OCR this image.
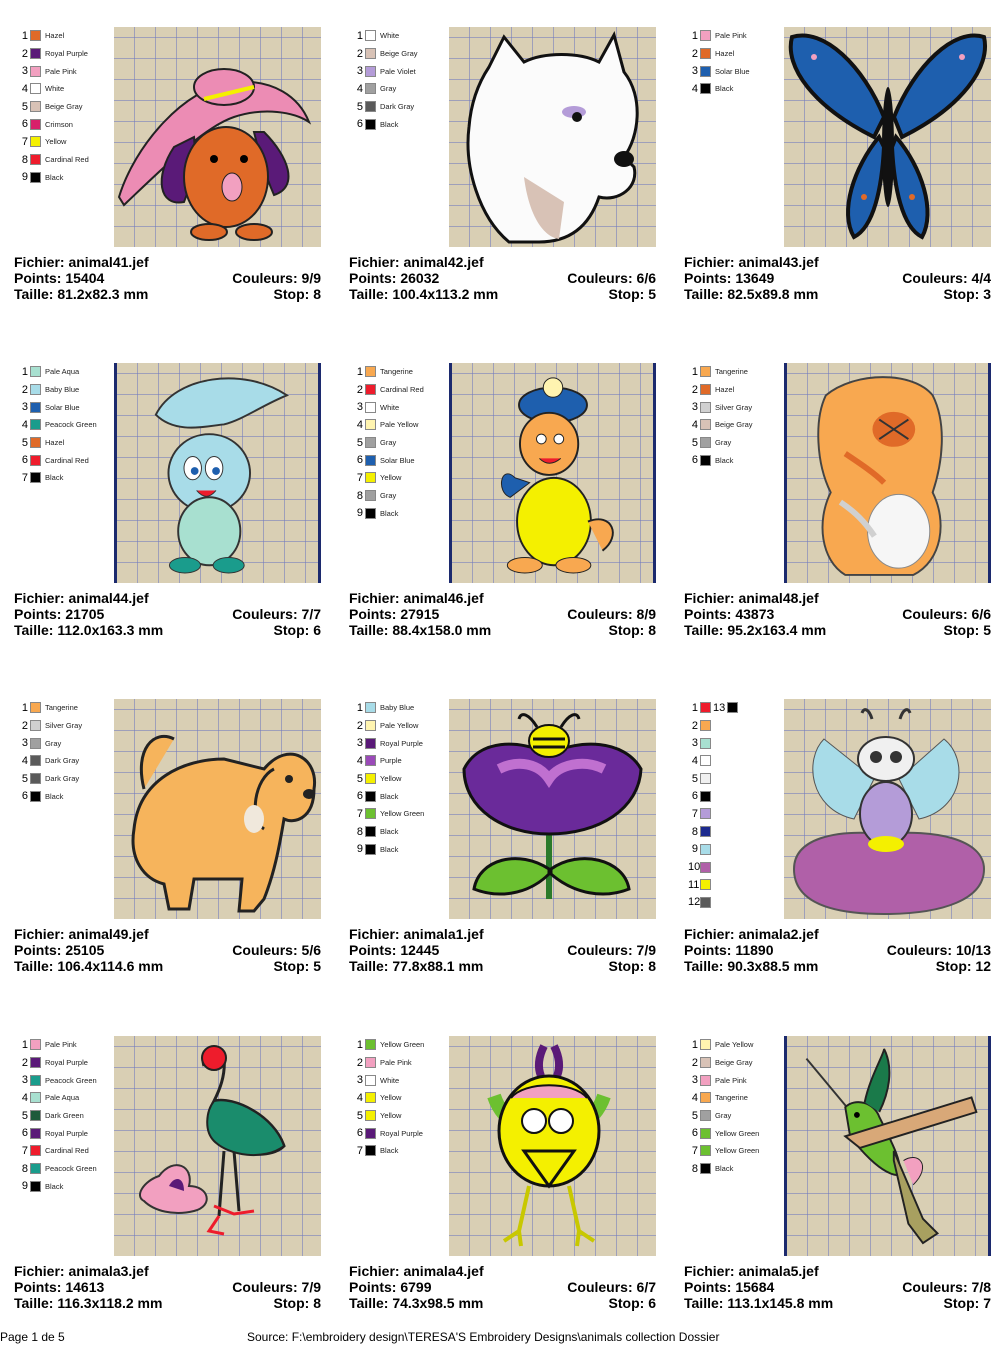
1 Hazel
2 Royal Purple
3 Pale Pink
4 White
5 Beige Gray
6 Crimson
7 Yellow
8 Cardinal Red
9 Black
Fichier: animal41.jef
Points: 15404	Couleurs: 9/9
Taille: 81.2x82.3 mm	Stop: 8
1 White
2 Beige Gray
3 Pale Violet
4 Gray
5 Dark Gray
6 Black
Fichier: animal42.jef
Points: 26032	Couleurs: 6/6
Taille: 100.4x113.2 mm	Stop: 5
1 Pale Pink
2 Hazel
3 Solar Blue
4 Black
Fichier: animal43.jef
Points: 13649	Couleurs: 4/4
Taille: 82.5x89.8 mm	Stop: 3
1 Pale Aqua
2 Baby Blue
3 Solar Blue
4 Peacock Green
5 Hazel
6 Cardinal Red
7 Black
Fichier: animal44.jef
Points: 21705	Couleurs: 7/7
Taille: 112.0x163.3 mm	Stop: 6
1 Tangerine
2 Cardinal Red
3 White
4 Pale Yellow
5 Gray
6 Solar Blue
7 Yellow
8 Gray
9 Black
Fichier: animal46.jef
Points: 27915	Couleurs: 8/9
Taille: 88.4x158.0 mm	Stop: 8
1 Tangerine
2 Hazel
3 Silver Gray
4 Beige Gray
5 Gray
6 Black
Fichier: animal48.jef
Points: 43873	Couleurs: 6/6
Taille: 95.2x163.4 mm	Stop: 5
1 Tangerine
2 Silver Gray
3 Gray
4 Dark Gray
5 Dark Gray
6 Black
Fichier: animal49.jef
Points: 25105	Couleurs: 5/6
Taille: 106.4x114.6 mm	Stop: 5
1 Baby Blue
2 Pale Yellow
3 Royal Purple
4 Purple
5 Yellow
6 Black
7 Yellow Green
8 Black
9 Black
Fichier: animala1.jef
Points: 12445	Couleurs: 7/9
Taille: 77.8x88.1 mm	Stop: 8
1 13
2
3
4
5
6
7
8
9
10
11
12
Fichier: animala2.jef
Points: 11890	Couleurs: 10/13
Taille: 90.3x88.5 mm	Stop: 12
1 Pale Pink
2 Royal Purple
3 Peacock Green
4 Pale Aqua
5 Dark Green
6 Royal Purple
7 Cardinal Red
8 Peacock Green
9 Black
Fichier: animala3.jef
Points: 14613	Couleurs: 7/9
Taille: 116.3x118.2 mm	Stop: 8
1 Yellow Green
2 Pale Pink
3 White
4 Yellow
5 Yellow
6 Royal Purple
7 Black
Fichier: animala4.jef
Points: 6799	Couleurs: 6/7
Taille: 74.3x98.5 mm	Stop: 6
1 Pale Yellow
2 Beige Gray
3 Pale Pink
4 Tangerine
5 Gray
6 Yellow Green
7 Yellow Green
8 Black
Fichier: animala5.jef
Points: 15684	Couleurs: 7/8
Taille: 113.1x145.8 mm	Stop: 7
Page 1 de 5	Source: F:\embroidery design\TERESA'S Embroidery Designs\animals collection Dossier
